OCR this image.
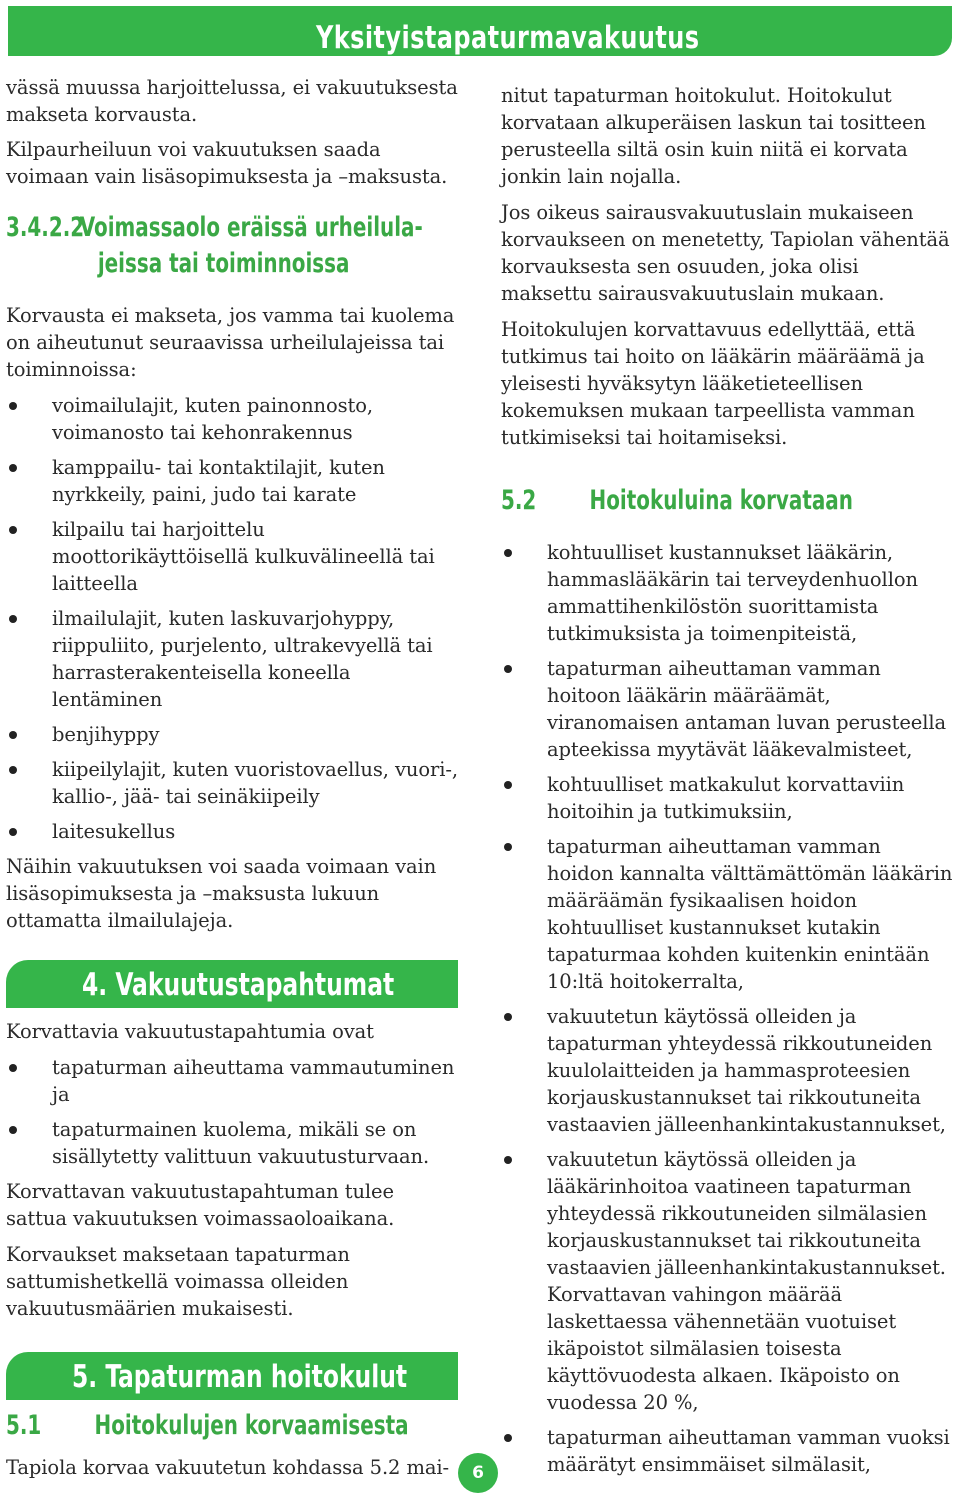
Yksityistapaturmavakuutus

vässä muussa harjoittelussa, ei vakuutuksesta makseta korvausta.

Kilpaurheiluun voi vakuutuksen saada voimaan vain lisäsopimuksesta ja –maksusta.

3.4.2.2Voimassaolo eräissä urheilula-
jeissa tai toiminnoissa

Korvausta ei makseta, jos vamma tai kuolema on aiheutunut seuraavissa urheilulajeissa tai toiminnoissa:

voimailulajit, kuten painonnosto, voimanosto tai kehonrakennus
kamppailu- tai kontaktilajit, kuten nyrkkeily, paini, judo tai karate
kilpailu tai harjoittelu moottorikäyttöisellä kulkuvälineellä tai laitteella
ilmailulajit, kuten laskuvarjohyppy, riippuliito, purjelento, ultrakevyellä tai harrasterakenteisella koneella lentäminen
benjihyppy
kiipeilylajit, kuten vuoristovaellus, vuori-, kallio-, jää- tai seinäkiipeily
laitesukellus

Näihin vakuutuksen voi saada voimaan vain lisäsopimuksesta ja –maksusta lukuun ottamatta ilmailulajeja.

4. Vakuutustapahtumat

Korvattavia vakuutustapahtumia ovat

tapaturman aiheuttama vammautuminen ja
tapaturmainen kuolema, mikäli se on sisällytetty valittuun vakuutusturvaan.

Korvattavan vakuutustapahtuman tulee sattua vakuutuksen voimassaoloaikana.

Korvaukset maksetaan tapaturman sattumishetkellä voimassa olleiden vakuutusmäärien mukaisesti.

5. Tapaturman hoitokulut
5.1 Hoitokulujen korvaamisesta

Tapiola korvaa vakuutetun kohdassa 5.2 mai-

nitut tapaturman hoitokulut. Hoitokulut korvataan alkuperäisen laskun tai tositteen perusteella siltä osin kuin niitä ei korvata jonkin lain nojalla.

Jos oikeus sairausvakuutuslain mukaiseen korvaukseen on menetetty, Tapiolan vähentää korvauksesta sen osuuden, joka olisi maksettu sairausvakuutuslain mukaan.

Hoitokulujen korvattavuus edellyttää, että tutkimus tai hoito on lääkärin määräämä ja yleisesti hyväksytyn lääketieteellisen kokemuksen mukaan tarpeellista vamman tutkimiseksi tai hoitamiseksi.

5.2 Hoitokuluina korvataan
kohtuulliset kustannukset lääkärin, hammaslääkärin tai terveydenhuollon ammattihenkilöstön suorittamista tutkimuksista ja toimenpiteistä,
tapaturman aiheuttaman vamman hoitoon lääkärin määräämät, viranomaisen antaman luvan perusteella apteekissa myytävät lääkevalmisteet,
kohtuulliset matkakulut korvattaviin hoitoihin ja tutkimuksiin,
tapaturman aiheuttaman vamman hoidon kannalta välttämättömän lääkärin määräämän fysikaalisen hoidon kohtuulliset kustannukset kutakin tapaturmaa kohden kuitenkin enintään 10:ltä hoitokerralta,
vakuutetun käytössä olleiden ja tapaturman yhteydessä rikkoutuneiden kuulolaitteiden ja hammasproteesien korjauskustannukset tai rikkoutuneita vastaavien jälleenhankintakustannukset,
vakuutetun käytössä olleiden ja lääkärinhoitoa vaatineen tapaturman yhteydessä rikkoutuneiden silmälasien korjauskustannukset tai rikkoutuneita vastaavien jälleenhankintakustannukset. Korvattavan vahingon määrää laskettaessa vähennetään vuotuiset ikäpoistot silmälasien toisesta käyttövuodesta alkaen. Ikäpoisto on vuodessa 20 %,
tapaturman aiheuttaman vamman vuoksi määrätyt ensimmäiset silmälasit,
6
